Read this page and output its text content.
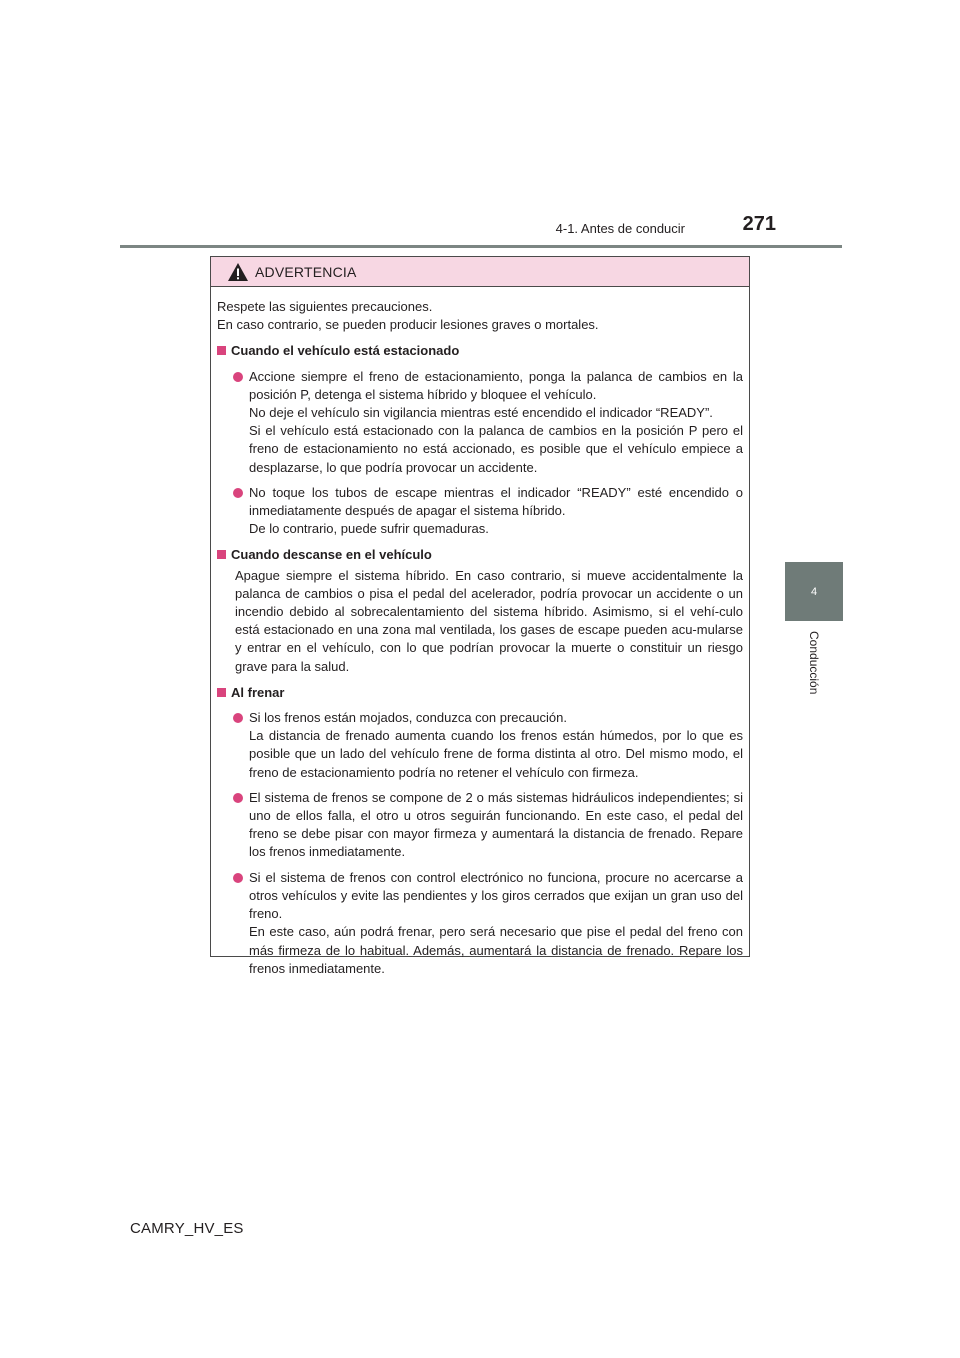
4-1. Antes de conducir	271
4
Conducción
ADVERTENCIA

Respete las siguientes precauciones.

En caso contrario, se pueden producir lesiones graves o mortales.

Cuando el vehículo está estacionado

Accione siempre el freno de estacionamiento, ponga la palanca de cambios en la posición P, detenga el sistema híbrido y bloquee el vehículo.

No deje el vehículo sin vigilancia mientras esté encendido el indicador “READY”.

Si el vehículo está estacionado con la palanca de cambios en la posición P pero el freno de estacionamiento no está accionado, es posible que el vehículo empiece a desplazarse, lo que podría provocar un accidente.

No toque los tubos de escape mientras el indicador “READY” esté encendido o inmediatamente después de apagar el sistema híbrido.

De lo contrario, puede sufrir quemaduras.

Cuando descanse en el vehículo

Apague siempre el sistema híbrido. En caso contrario, si mueve accidentalmente la palanca de cambios o pisa el pedal del acelerador, podría provocar un accidente o un incendio debido al sobrecalentamiento del sistema híbrido. Asimismo, si el vehí-culo está estacionado en una zona mal ventilada, los gases de escape pueden acu-mularse y entrar en el vehículo, con lo que podrían provocar la muerte o constituir un riesgo grave para la salud.

Al frenar

Si los frenos están mojados, conduzca con precaución.

La distancia de frenado aumenta cuando los frenos están húmedos, por lo que es posible que un lado del vehículo frene de forma distinta al otro. Del mismo modo, el freno de estacionamiento podría no retener el vehículo con firmeza.

El sistema de frenos se compone de 2 o más sistemas hidráulicos independientes; si uno de ellos falla, el otro u otros seguirán funcionando. En este caso, el pedal del freno se debe pisar con mayor firmeza y aumentará la distancia de frenado. Repare los frenos inmediatamente.

Si el sistema de frenos con control electrónico no funciona, procure no acercarse a otros vehículos y evite las pendientes y los giros cerrados que exijan un gran uso del freno.

En este caso, aún podrá frenar, pero será necesario que pise el pedal del freno con más firmeza de lo habitual. Además, aumentará la distancia de frenado. Repare los frenos inmediatamente.

CAMRY_HV_ES
